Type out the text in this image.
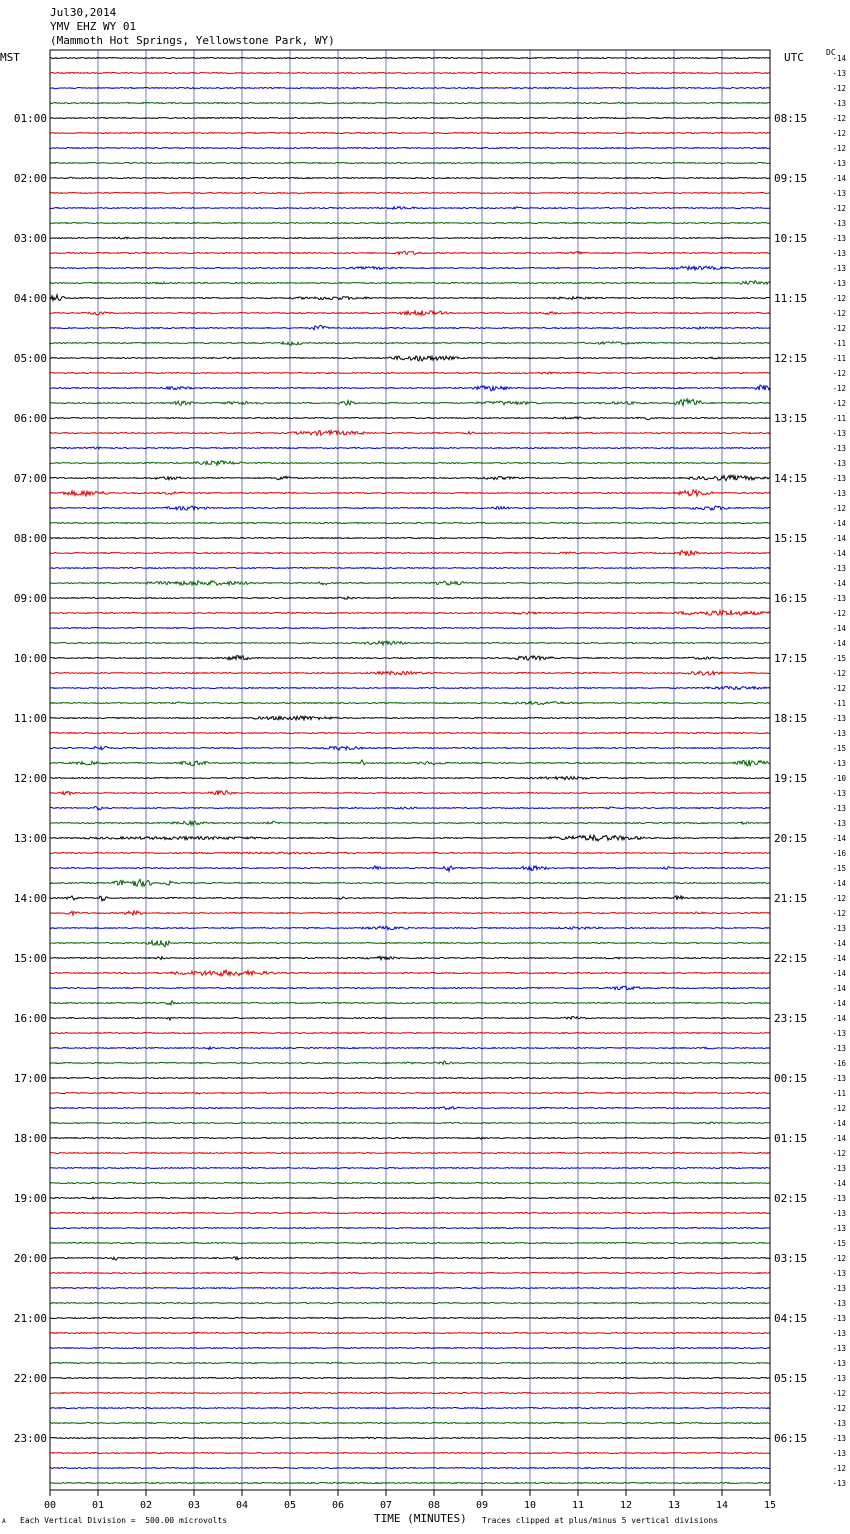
00	01	02	03	04	05	06	07	08	09	10	11	12	13	14	15
01:00
02:00
03:00
04:00
05:00
06:00
07:00
08:00
09:00
10:00
11:00
12:00
13:00
14:00
15:00
16:00
17:00
18:00
19:00
20:00
21:00
22:00
23:00
08:15
09:15
10:15
11:15
12:15
13:15
14:15
15:15
16:15
17:15
18:15
19:15
20:15
21:15
22:15
23:15
00:15
01:15
02:15
03:15
04:15
05:15
06:15
-14
-13
-12
-13
-12
-12
-12
-13
-14
-13
-12
-13
-13
-13
-13
-13
-12
-12
-12
-11
-11
-12
-12
-12
-11
-13
-13
-13
-13
-13
-12
-14
-14
-14
-13
-14
-13
-12
-14
-14
-15
-12
-12
-11
-13
-13
-15
-13
-10
-13
-13
-13
-14
-16
-15
-14
-12
-12
-13
-14
-14
-14
-14
-14
-14
-13
-13
-16
-13
-11
-12
-14
-14
-12
-13
-14
-13
-13
-13
-15
-12
-13
-13
-13
-13
-13
-13
-13
-13
-12
-12
-13
-13
-13
-12
-13
Jul30,2014
YMV EHZ WY 01
(Mammoth Hot Springs, Yellowstone Park, WY)
MST	UTC	DC
A Each Vertical Division =  500.00 microvolts	TIME (MINUTES) Traces clipped at plus/minus 5 vertical divisions
